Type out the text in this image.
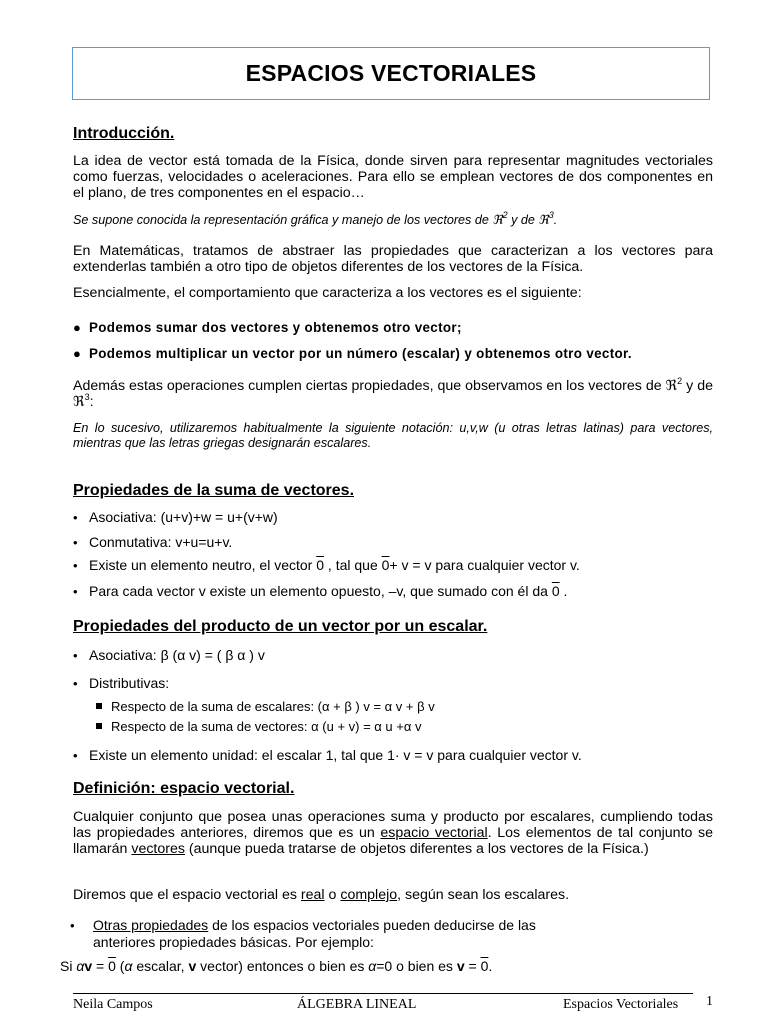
ESPACIOS VECTORIALES
Introducción.
La idea de vector está tomada de la Física, donde sirven para representar magnitudes vectoriales como fuerzas, velocidades o aceleraciones. Para ello se emplean vectores de dos componentes en el plano, de tres componentes en el espacio…
Se supone conocida la representación gráfica y manejo de los vectores de ℜ$^2$ y de ℜ$^3$.
En Matemáticas, tratamos de abstraer las propiedades que caracterizan a los vectores para extenderlas también a otro tipo de objetos diferentes de los vectores de la Física.
Esencialmente, el comportamiento que caracteriza a los vectores es el siguiente:
● Podemos sumar dos vectores y obtenemos otro vector;
● Podemos multiplicar un vector por un número (escalar) y obtenemos otro vector.
Además estas operaciones cumplen ciertas propiedades, que observamos en los vectores de ℜ$^2$ y de ℜ$^3$:
En lo sucesivo, utilizaremos habitualmente la siguiente notación: u,v,w (u otras letras latinas) para vectores, mientras que las letras griegas designarán escalares.
Propiedades de la suma de vectores.
• Asociativa: (u+v)+w = u+(v+w)
• Conmutativa: v+u=u+v.
• Existe un elemento neutro, el vector 0 , tal que 0+ v = v para cualquier vector v.
• Para cada vector v existe un elemento opuesto, –v, que sumado con él da 0 .
Propiedades del producto de un vector por un escalar.
• Asociativa: β (α v) = ( β α ) v
• Distributivas:
Respecto de la suma de escalares: (α + β ) v = α v + β v
Respecto de la suma de vectores: α (u + v) = α u +α v
• Existe un elemento unidad: el escalar 1, tal que 1· v = v para cualquier vector v.
Definición: espacio vectorial.
Cualquier conjunto que posea unas operaciones suma y producto por escalares, cumpliendo todas las propiedades anteriores, diremos que es un espacio vectorial. Los elementos de tal conjunto se llamarán vectores (aunque pueda tratarse de objetos diferentes a los vectores de la Física.)
Diremos que el espacio vectorial es real o complejo, según sean los escalares.
• Otras propiedades de los espacios vectoriales pueden deducirse de las
anteriores propiedades básicas. Por ejemplo:
Si αv = 0 (α escalar, v vector) entonces o bien es α=0 o bien es v = 0.
Neila Campos	ÁLGEBRA LINEAL	Espacios Vectoriales 1
